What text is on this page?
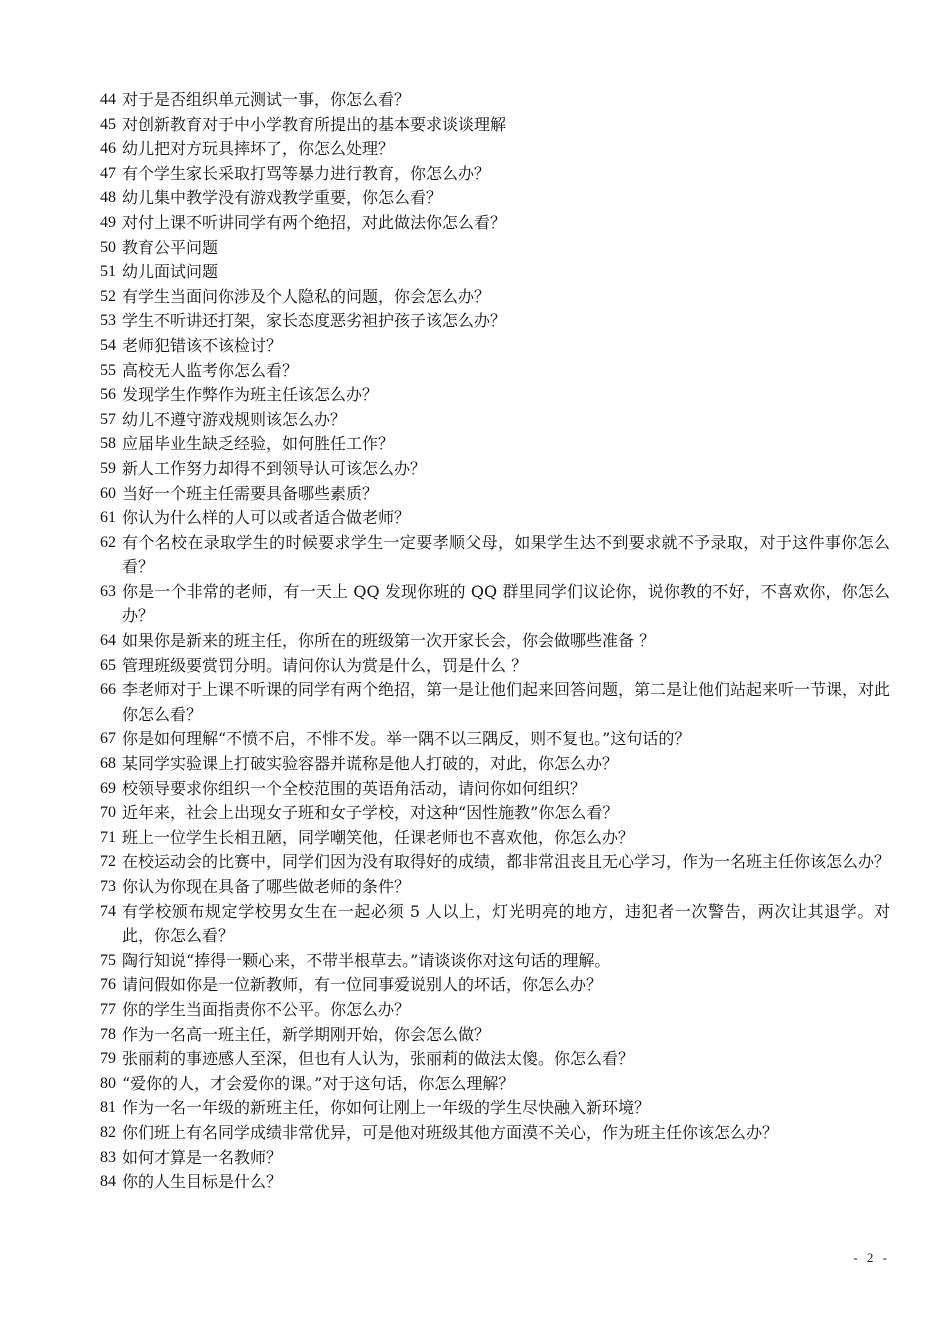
44 对于是否组织单元测试一事，你怎么看？
45 对创新教育对于中小学教育所提出的基本要求谈谈理解
46 幼儿把对方玩具摔坏了，你怎么处理？
47 有个学生家长采取打骂等暴力进行教育，你怎么办？
48 幼儿集中教学没有游戏教学重要，你怎么看？
49 对付上课不听讲同学有两个绝招，对此做法你怎么看？
50 教育公平问题
51 幼儿面试问题
52 有学生当面问你涉及个人隐私的问题，你会怎么办？
53 学生不听讲还打架，家长态度恶劣袒护孩子该怎么办？
54 老师犯错该不该检讨？
55 高校无人监考你怎么看？
56 发现学生作弊作为班主任该怎么办？
57 幼儿不遵守游戏规则该怎么办？
58 应届毕业生缺乏经验，如何胜任工作？
59 新人工作努力却得不到领导认可该怎么办？
60 当好一个班主任需要具备哪些素质？
61 你认为什么样的人可以或者适合做老师？
62 有个名校在录取学生的时候要求学生一定要孝顺父母，如果学生达不到要求就不予录取，对于这件事你怎么看？
63 你是一个非常的老师，有一天上 QQ 发现你班的 QQ 群里同学们议论你，说你教的不好，不喜欢你，你怎么办？
64 如果你是新来的班主任，你所在的班级第一次开家长会，你会做哪些准备 ？
65 管理班级要赏罚分明。请问你认为赏是什么，罚是什么 ？
66 李老师对于上课不听课的同学有两个绝招，第一是让他们起来回答问题，第二是让他们站起来听一节课，对此你怎么看？
67 你是如何理解“不愤不启，不悱不发。举一隅不以三隅反，则不复也。”这句话的？
68 某同学实验课上打破实验容器并谎称是他人打破的，对此，你怎么办？
69 校领导要求你组织一个全校范围的英语角活动，请问你如何组织？
70 近年来，社会上出现女子班和女子学校，对这种“因性施教”你怎么看？
71 班上一位学生长相丑陋，同学嘲笑他，任课老师也不喜欢他，你怎么办？
72 在校运动会的比赛中，同学们因为没有取得好的成绩，都非常沮丧且无心学习，作为一名班主任你该怎么办？
73 你认为你现在具备了哪些做老师的条件？
74 有学校颁布规定学校男女生在一起必须 5 人以上，灯光明亮的地方，违犯者一次警告，两次让其退学。对此，你怎么看？
75 陶行知说“捧得一颗心来，不带半根草去。”请谈谈你对这句话的理解。
76 请问假如你是一位新教师，有一位同事爱说别人的坏话，你怎么办？
77 你的学生当面指责你不公平。你怎么办？
78 作为一名高一班主任，新学期刚开始，你会怎么做？
79 张丽莉的事迹感人至深，但也有人认为，张丽莉的做法太傻。你怎么看？
80 “爱你的人，才会爱你的课。”对于这句话，你怎么理解？
81 作为一名一年级的新班主任，你如何让刚上一年级的学生尽快融入新环境？
82 你们班上有名同学成绩非常优异，可是他对班级其他方面漠不关心，作为班主任你该怎么办？
83 如何才算是一名教师？
84 你的人生目标是什么？
- 2 -
